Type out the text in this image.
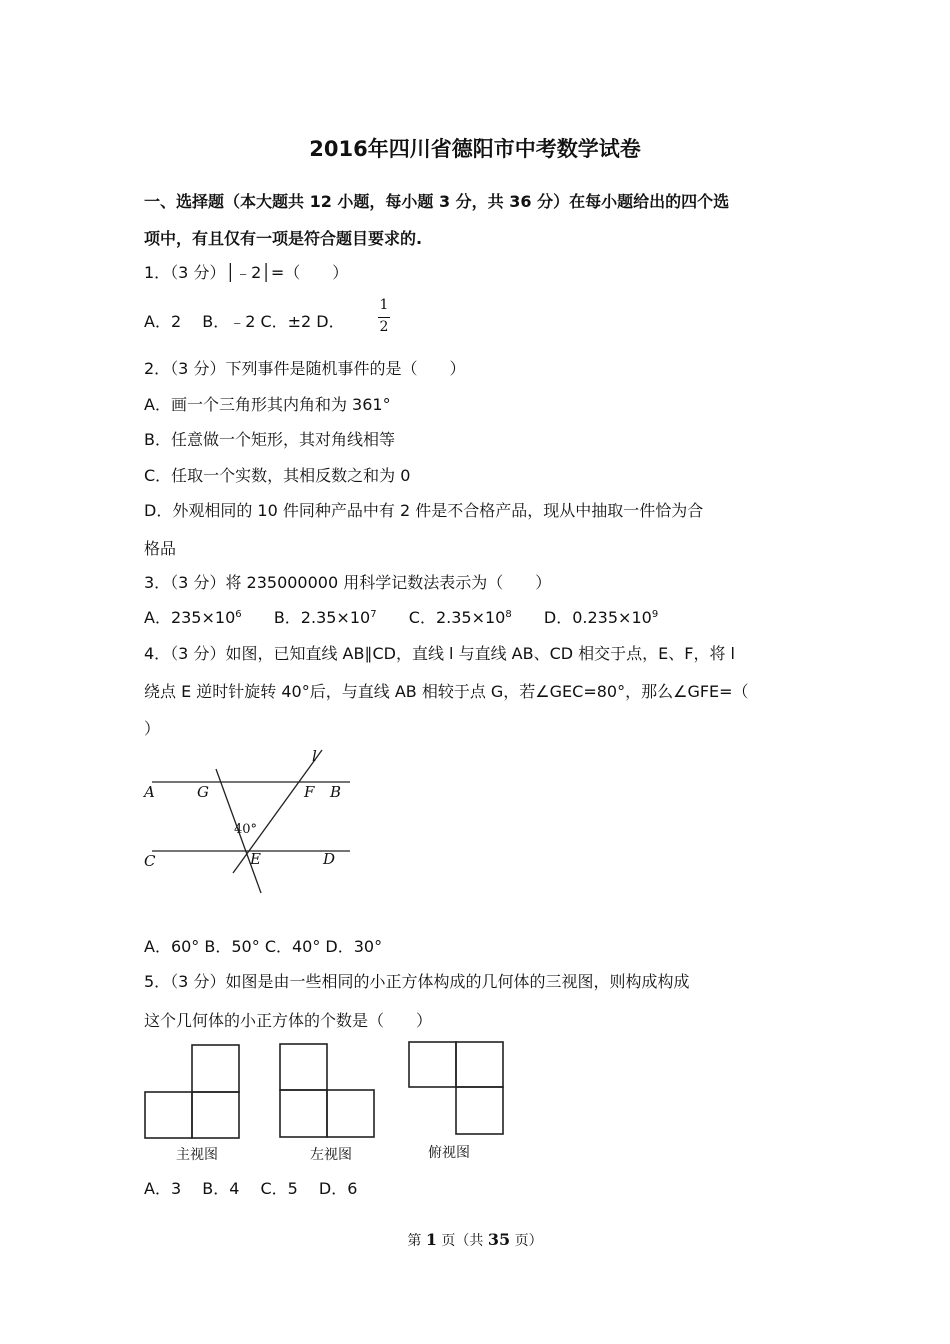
2016年四川省德阳市中考数学试卷
一、选择题（本大题共 12 小题，每小题 3 分，共 36 分）在每小题给出的四个选
项中，有且仅有一项是符合题目要求的.
1．（3 分）│﹣2│=（　　）
A．2　 B．﹣2 C．±2 D．
1
2
2．（3 分）下列事件是随机事件的是（　　）
A．画一个三角形其内角和为 361°
B．任意做一个矩形，其对角线相等
C．任取一个实数，其相反数之和为 0
D．外观相同的 10 件同种产品中有 2 件是不合格产品，现从中抽取一件恰为合
格品
3．（3 分）将 235000000 用科学记数法表示为（　　）
A．$235\times 10^6$ B．$2.35\times 10^7$ C．$2.35\times 10^8$ D．$0.235\times 10^9$
4．（3 分）如图，已知直线 AB∥CD，直线 l 与直线 AB、CD 相交于点，E、F，将 l
绕点 E 逆时针旋转 40°后，与直线 AB 相较于点 G，若∠GEC=80°，那么∠GFE=（
）
A	G	F B
C	E	D
l
40°
A．60° B．50° C．40° D．30°
5．（3 分）如图是由一些相同的小正方体构成的几何体的三视图，则构成构成
这个几何体的小正方体的个数是（　　）
主视图	左视图	俯视图
A．3　 B．4　 C．5　 D．6
第 1 页（共 35 页）
